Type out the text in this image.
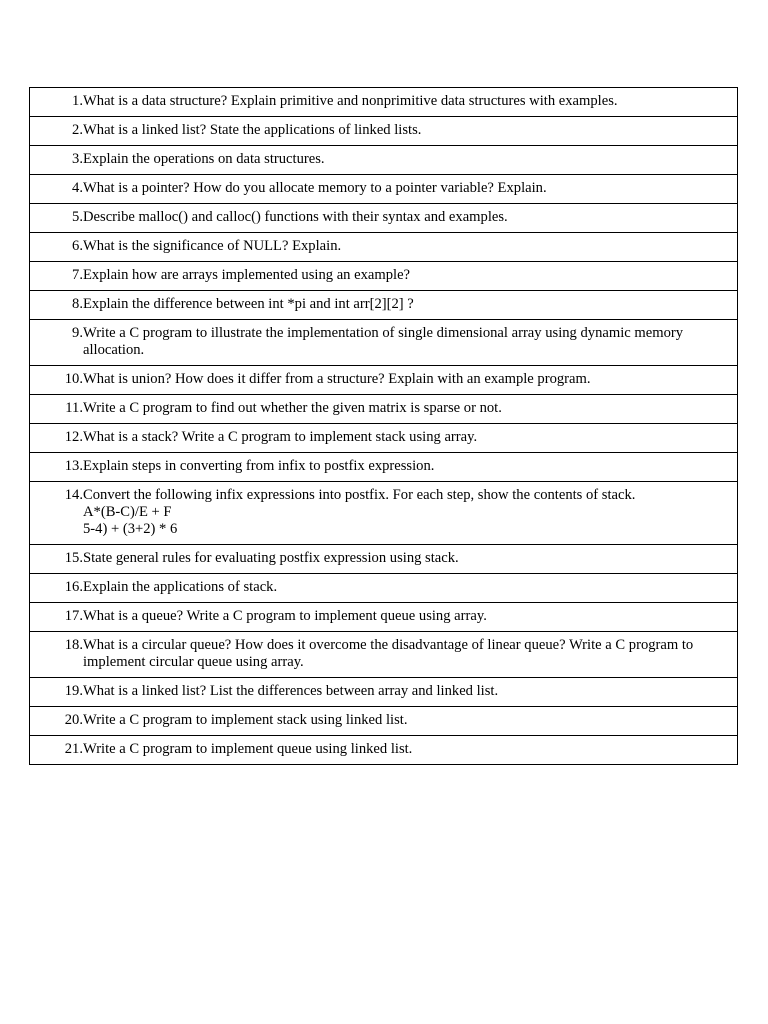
1. What is a data structure? Explain primitive and nonprimitive data structures with examples.
2. What is a linked list? State the applications of linked lists.
3. Explain the operations on data structures.
4. What is a pointer? How do you allocate memory to a pointer variable? Explain.
5. Describe malloc() and calloc() functions with their syntax and examples.
6. What is the significance of NULL? Explain.
7. Explain how are arrays implemented using an example?
8. Explain the difference between int *pi and int arr[2][2] ?
9. Write a C program to illustrate the implementation of single dimensional array using dynamic memory allocation.
10. What is union? How does it differ from a structure? Explain with an example program.
11. Write a C program to find out whether the given matrix is sparse or not.
12. What is a stack? Write a C program to implement stack using array.
13. Explain steps in converting from infix to postfix expression.
14. Convert the following infix expressions into postfix. For each step, show the contents of stack.
A*(B-C)/E + F
5-4) + (3+2) * 6
15. State general rules for evaluating postfix expression using stack.
16. Explain the applications of stack.
17. What is a queue? Write a C program to implement queue using array.
18. What is a circular queue? How does it overcome the disadvantage of linear queue? Write a C program to implement circular queue using array.
19. What is a linked list? List the differences between array and linked list.
20. Write a C program to implement stack using linked list.
21. Write a C program to implement queue using linked list.
